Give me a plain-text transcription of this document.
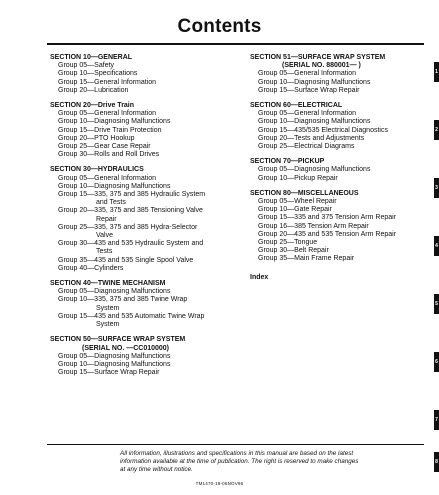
Contents
SECTION 10—GENERAL
Group 05—Safety
Group 10—Specifications
Group 15—General Information
Group 20—Lubrication
SECTION 20—Drive Train
Group 05—General Information
Group 10—Diagnosing Malfunctions
Group 15—Drive Train Protection
Group 20—PTO Hookup
Group 25—Gear Case Repair
Group 30—Rolls and Roll Drives
SECTION 30—HYDRAULICS
Group 05—General Information
Group 10—Diagnosing Malfunctions
Group 15—335, 375 and 385 Hydraulic System
and Tests
Group 20—335, 375 and 385 Tensioning Valve
Repair
Group 25—335, 375 and 385 Hydra-Selector
Valve
Group 30—435 and 535 Hydraulic System and
Tests
Group 35—435 and 535 Single Spool Valve
Group 40—Cylinders
SECTION 40—TWINE MECHANISM
Group 05—Diagnosing Malfunctions
Group 10—335, 375 and 385 Twine Wrap
System
Group 15—435 and 535 Automatic Twine Wrap
System
SECTION 50—SURFACE WRAP SYSTEM
(SERIAL NO. —CC010000)
Group 05—Diagnosing Malfunctions
Group 10—Diagnosing Malfunctions
Group 15—Surface Wrap Repair
SECTION 51—SURFACE WRAP SYSTEM
(SERIAL NO. 880001— )
Group 05—General Information
Group 10—Diagnosing Malfunctions
Group 15—Surface Wrap Repair
SECTION 60—ELECTRICAL
Group 05—General Information
Group 10—Diagnosing Malfunctions
Group 15—435/535 Electrical Diagnostics
Group 20—Tests and Adjustments
Group 25—Electrical Diagrams
SECTION 70—PICKUP
Group 05—Diagnosing Malfunctions
Group 10—Pickup Repair
SECTION 80—MISCELLANEOUS
Group 05—Wheel Repair
Group 10—Gate Repair
Group 15—335 and 375 Tension Arm Repair
Group 16—385 Tension Arm Repair
Group 20—435 and 535 Tension Arm Repair
Group 25—Tongue
Group 30—Belt Repair
Group 35—Main Frame Repair
Index
All information, illustrations and specifications in this manual are based on the latest information available at the time of publication. The right is reserved to make changes at any time without notice.
TM1470-19-06NOV96
1
2
3
4
5
6
7
8
